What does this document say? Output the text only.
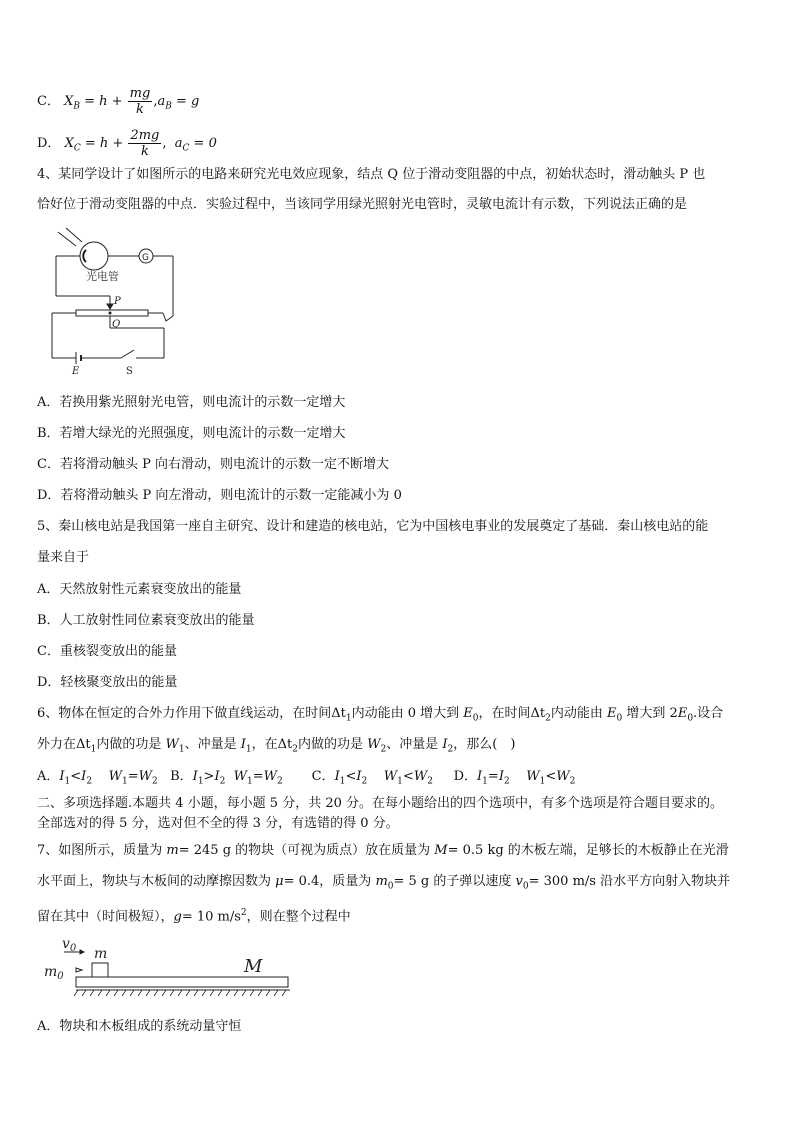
C． $X_B = h + \frac{mg}{k} ,a_B = g$
D． $X_C = h + \frac{2mg}{k}$ , $a_C = 0$
4、某同学设计了如图所示的电路来研究光电效应现象，结点 Q 位于滑动变阻器的中点，初始状态时，滑动触头 P 也
恰好位于滑动变阻器的中点．实验过程中，当该同学用绿光照射光电管时，灵敏电流计有示数，下列说法正确的是
光电管
G
P
Q
E	S
A．若换用紫光照射光电管，则电流计的示数一定增大
B．若增大绿光的光照强度，则电流计的示数一定增大
C．若将滑动触头 P 向右滑动，则电流计的示数一定不断增大
D．若将滑动触头 P 向左滑动，则电流计的示数一定能减小为 0
5、秦山核电站是我国第一座自主研究、设计和建造的核电站，它为中国核电事业的发展奠定了基础．秦山核电站的能
量来自于
A．天然放射性元素衰变放出的能量
B．人工放射性同位素衰变放出的能量
C．重核裂变放出的能量
D．轻核聚变放出的能量
6、物体在恒定的合外力作用下做直线运动，在时间$\Delta t_1$内动能由 0 增大到 $E_0$，在时间$\Delta t_2$内动能由 $E_0$ 增大到 $2E_0$.设合
外力在$\Delta t_1$内做的功是 $W_1$、冲量是 $I_1$，在$\Delta t_2$内做的功是 $W_2$、冲量是 $I_2$，那么(　)
A．$I_1<I_2$ $W_1=W_2$ B．$I_1>I_2$ $W_1=W_2$ C．$I_1<I_2$ $W_1<W_2$ D．$I_1=I_2$ $W_1<W_2$
二、多项选择题.本题共 4 小题，每小题 5 分，共 20 分。在每小题给出的四个选项中，有多个选项是符合题目要求的。
全部选对的得 5 分，选对但不全的得 3 分，有选错的得 0 分。
7、如图所示，质量为 m= 245 g 的物块（可视为质点）放在质量为 M= 0.5 kg 的木板左端，足够长的木板静止在光滑
水平面上，物块与木板间的动摩擦因数为 μ= 0.4，质量为 $m_0= 5$ g 的子弹以速度 $v_0= 300$ m/s 沿水平方向射入物块并
留在其中（时间极短），g= 10 $m/s^2$，则在整个过程中
$v_0$ m
$m_0$	M
A．物块和木板组成的系统动量守恒
